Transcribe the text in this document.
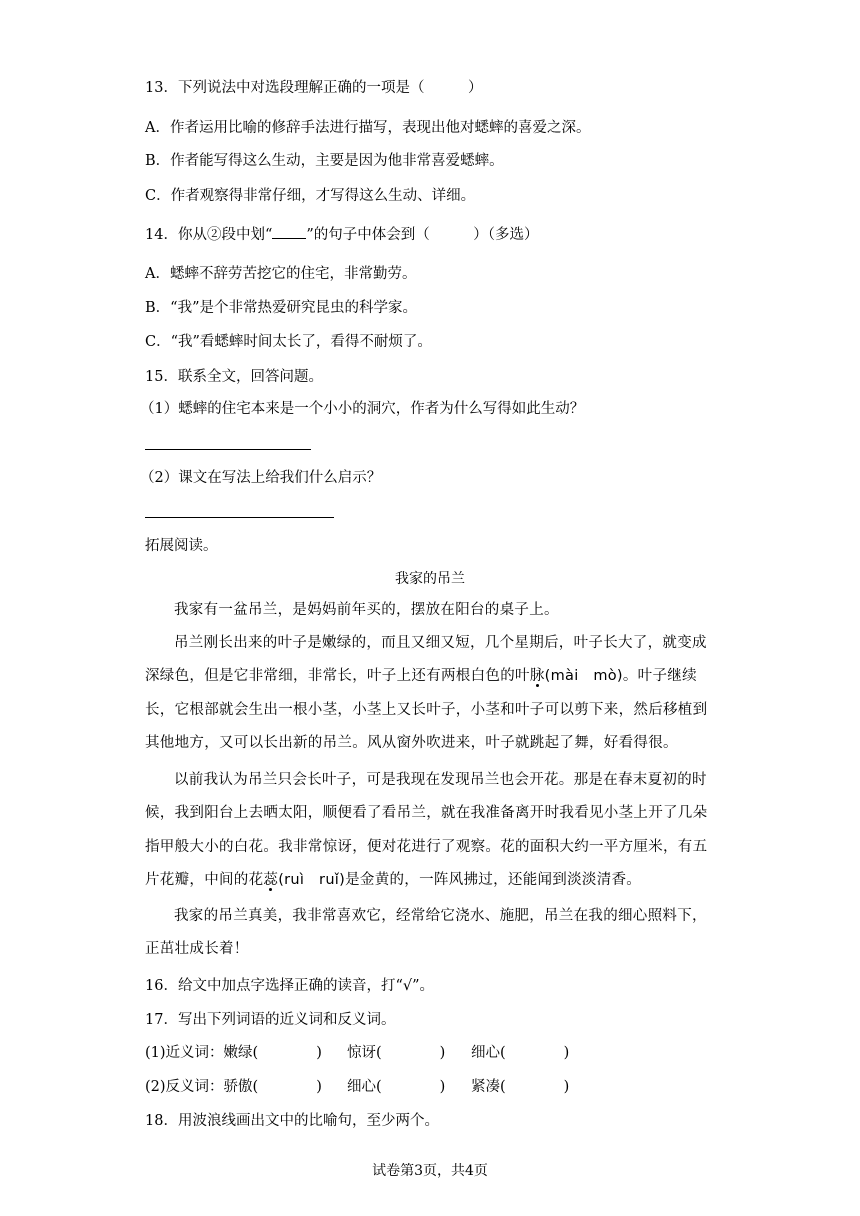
13．下列说法中对选段理解正确的一项是（　　　）
A．作者运用比喻的修辞手法进行描写，表现出他对蟋蟀的喜爱之深。
B．作者能写得这么生动，主要是因为他非常喜爱蟋蟀。
C．作者观察得非常仔细，才写得这么生动、详细。
14．你从②段中划“ ”的句子中体会到（　　　）（多选）
A．蟋蟀不辞劳苦挖它的住宅，非常勤劳。
B．“我”是个非常热爱研究昆虫的科学家。
C．“我”看蟋蟀时间太长了，看得不耐烦了。
15．联系全文，回答问题。
（1）蟋蟀的住宅本来是一个小小的洞穴，作者为什么写得如此生动？
（2）课文在写法上给我们什么启示？
拓展阅读。
我家的吊兰
我家有一盆吊兰，是妈妈前年买的，摆放在阳台的桌子上。
吊兰刚长出来的叶子是嫩绿的，而且又细又短，几个星期后，叶子长大了，就变成深绿色，但是它非常细，非常长，叶子上还有两根白色的叶脉(mài　mò)。叶子继续长，它根部就会生出一根小茎，小茎上又长叶子，小茎和叶子可以剪下来，然后移植到其他地方，又可以长出新的吊兰。风从窗外吹进来，叶子就跳起了舞，好看得很。
以前我认为吊兰只会长叶子，可是我现在发现吊兰也会开花。那是在春末夏初的时候，我到阳台上去晒太阳，顺便看了看吊兰，就在我准备离开时我看见小茎上开了几朵指甲般大小的白花。我非常惊讶，便对花进行了观察。花的面积大约一平方厘米，有五片花瓣，中间的花蕊(ruì　ruǐ)是金黄的，一阵风拂过，还能闻到淡淡清香。
我家的吊兰真美，我非常喜欢它，经常给它浇水、施肥，吊兰在我的细心照料下，正茁壮成长着！
16．给文中加点字选择正确的读音，打“√”。
17．写出下列词语的近义词和反义词。
(1)近义词：嫩绿(　　　　) 惊讶(　　　　) 细心(　　　　)
(2)反义词：骄傲(　　　　) 细心(　　　　) 紧凑(　　　　)
18．用波浪线画出文中的比喻句，至少两个。
试卷第3页，共4页
